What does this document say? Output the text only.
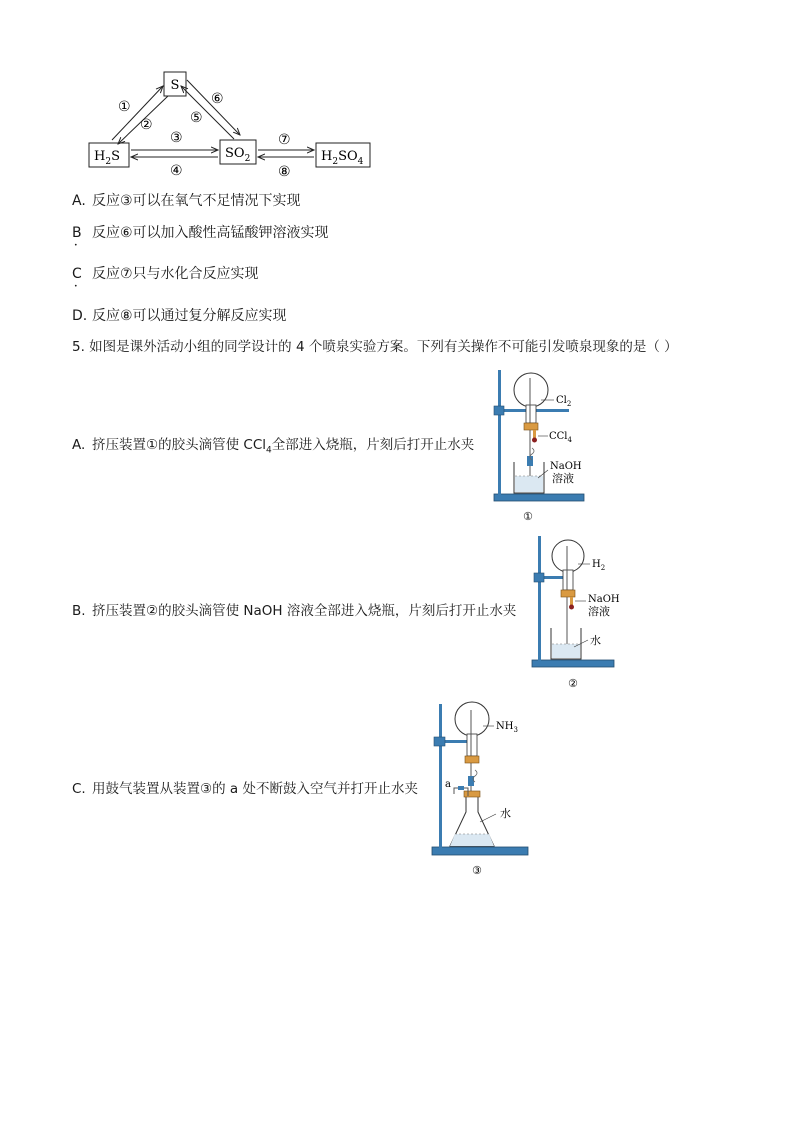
S
$H_2S$	$SO_2$	$H_2SO_4$
①
②
③
④
⑤
⑥
⑦
⑧
A. 反应③可以在氧气不足情况下实现
B 反应⑥可以加入酸性高锰酸钾溶液实现
•
C 反应⑦只与水化合反应实现
•
D. 反应⑧可以通过复分解反应实现
5. 如图是课外活动小组的同学设计的 4 个喷泉实验方案。下列有关操作不可能引发喷泉现象的是（ ）
A. 挤压装置①的胶头滴管使 CCl$_4$全部进入烧瓶，片刻后打开止水夹
B. 挤压装置②的胶头滴管使 NaOH 溶液全部进入烧瓶，片刻后打开止水夹
C. 用鼓气装置从装置③的 a 处不断鼓入空气并打开止水夹
$Cl_2$
CCl$_4$
NaOH
溶液
①
$H_2$
NaOH
溶液
水
②
a
$NH_3$
水
③
